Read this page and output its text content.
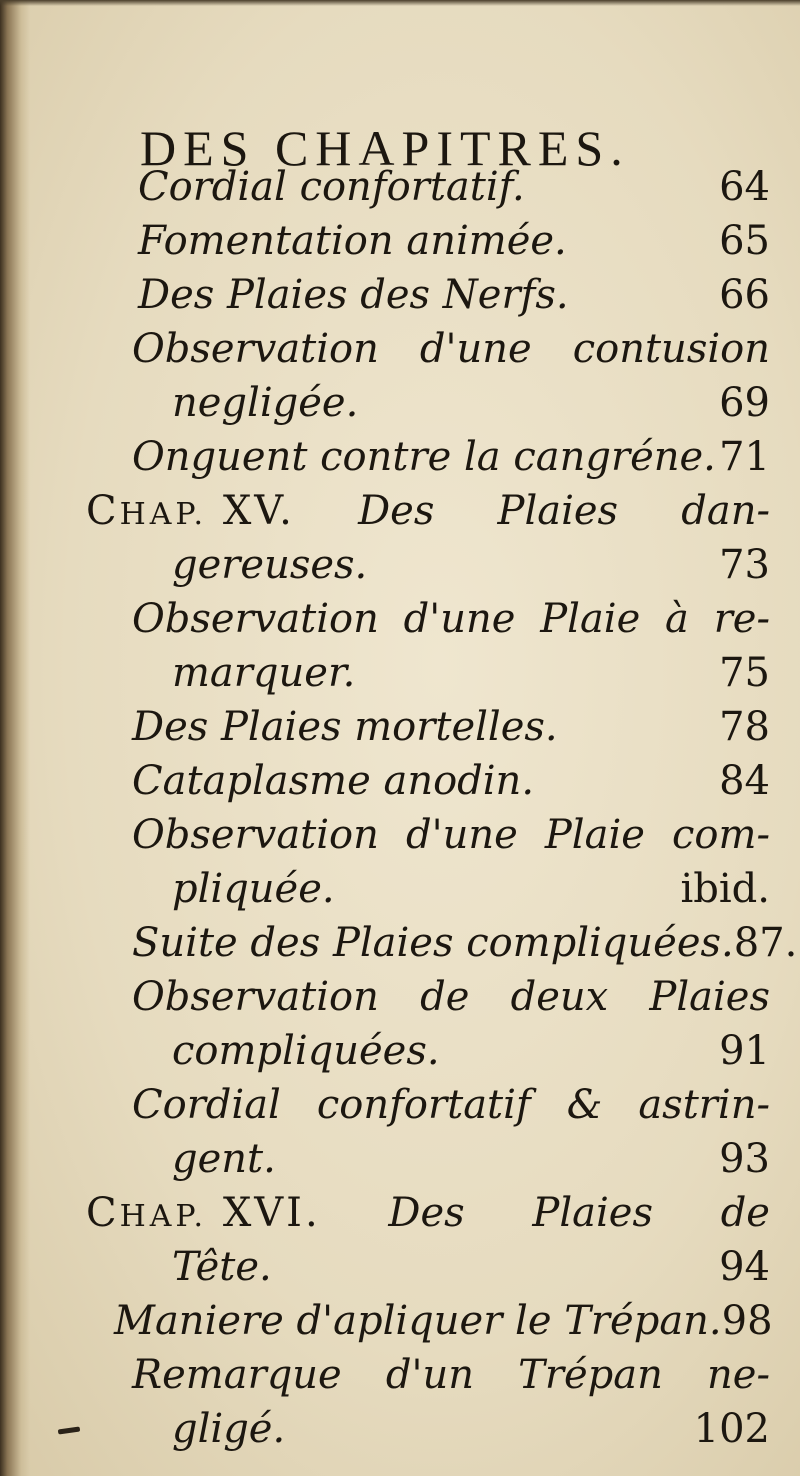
DES CHAPITRES.
Cordial confortatif.	64
Fomentation animée.	65
Des Plaies des Nerfs.	66
Observation d'une contusion
negligée.	69
Onguent contre la cangréne. 71
CHAP. XV. Des Plaies dan-
gereuses.	73
Observation d'une Plaie à re-
marquer.	75
Des Plaies mortelles.	78
Cataplasme anodin.	84
Observation d'une Plaie com-
pliquée.	ibid.
Suite des Plaies compliquées. 87.
Observation de deux Plaies
compliquées.	91
Cordial confortatif & astrin-
gent.	93
CHAP. XVI. Des Plaies de
Tête.	94
Maniere d'apliquer le Trépan. 98
Remarque d'un Trépan ne-
gligé.	102
